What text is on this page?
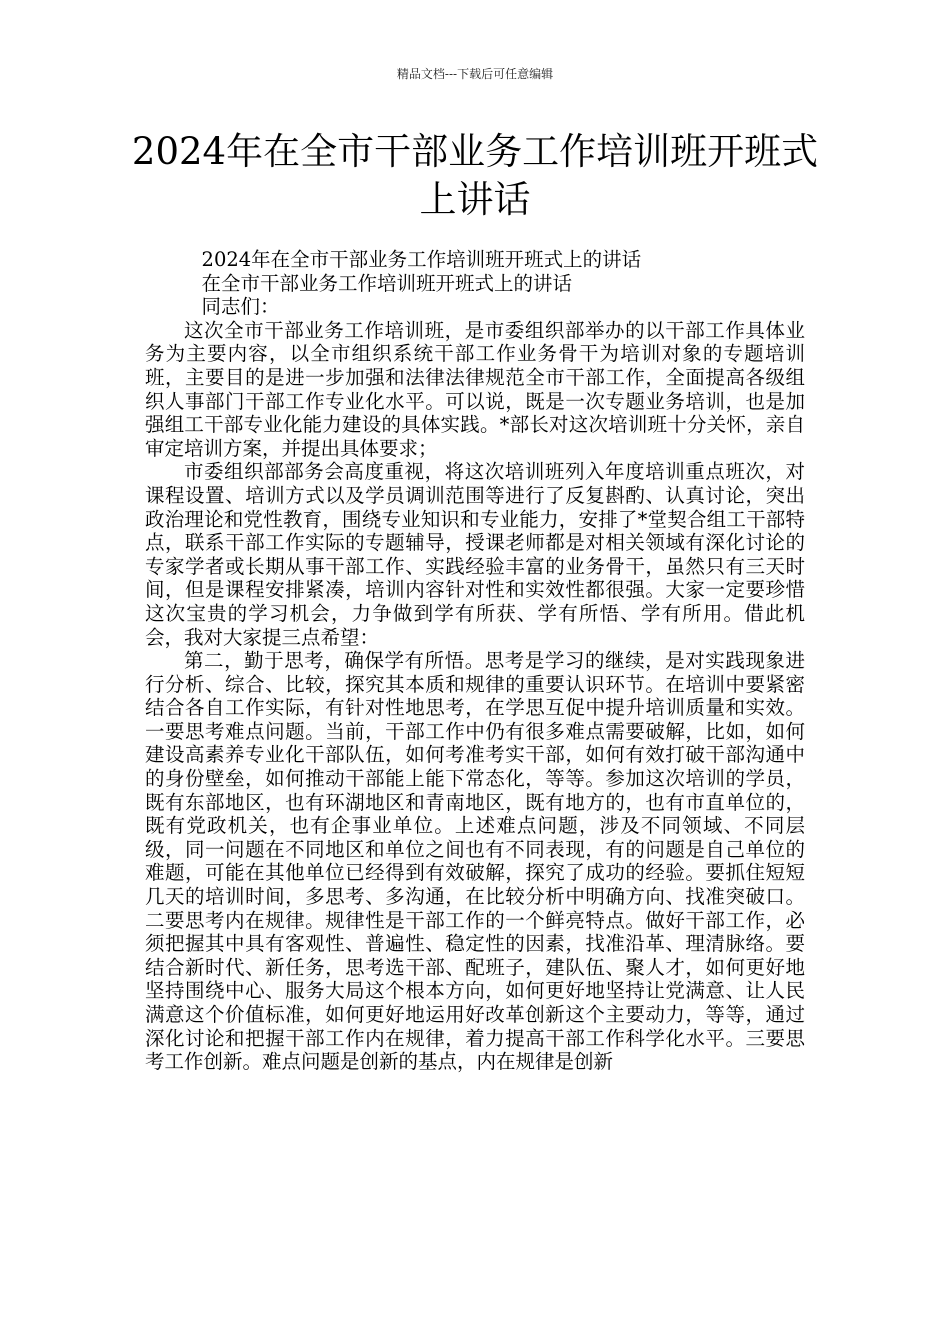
精品文档---下载后可任意编辑
2024年在全市干部业务工作培训班开班式上讲话

2024年在全市干部业务工作培训班开班式上的讲话

在全市干部业务工作培训班开班式上的讲话

同志们：

这次全市干部业务工作培训班，是市委组织部举办的以干部工作具体业务为主要内容，以全市组织系统干部工作业务骨干为培训对象的专题培训班，主要目的是进一步加强和法律法律规范全市干部工作，全面提高各级组织人事部门干部工作专业化水平。可以说，既是一次专题业务培训，也是加强组工干部专业化能力建设的具体实践。*部长对这次培训班十分关怀，亲自审定培训方案，并提出具体要求；

市委组织部部务会高度重视，将这次培训班列入年度培训重点班次，对课程设置、培训方式以及学员调训范围等进行了反复斟酌、认真讨论，突出政治理论和党性教育，围绕专业知识和专业能力，安排了*堂契合组工干部特点，联系干部工作实际的专题辅导，授课老师都是对相关领域有深化讨论的专家学者或长期从事干部工作、实践经验丰富的业务骨干，虽然只有三天时间，但是课程安排紧凑，培训内容针对性和实效性都很强。大家一定要珍惜这次宝贵的学习机会，力争做到学有所获、学有所悟、学有所用。借此机会，我对大家提三点希望：

第二，勤于思考，确保学有所悟。思考是学习的继续，是对实践现象进行分析、综合、比较，探究其本质和规律的重要认识环节。在培训中要紧密结合各自工作实际，有针对性地思考，在学思互促中提升培训质量和实效。一要思考难点问题。当前，干部工作中仍有很多难点需要破解，比如，如何建设高素养专业化干部队伍，如何考准考实干部，如何有效打破干部沟通中的身份壁垒，如何推动干部能上能下常态化，等等。参加这次培训的学员，既有东部地区，也有环湖地区和青南地区，既有地方的，也有市直单位的，既有党政机关，也有企事业单位。上述难点问题，涉及不同领域、不同层级，同一问题在不同地区和单位之间也有不同表现，有的问题是自己单位的难题，可能在其他单位已经得到有效破解，探究了成功的经验。要抓住短短几天的培训时间，多思考、多沟通，在比较分析中明确方向、找准突破口。二要思考内在规律。规律性是干部工作的一个鲜亮特点。做好干部工作，必须把握其中具有客观性、普遍性、稳定性的因素，找准沿革、理清脉络。要结合新时代、新任务，思考选干部、配班子，建队伍、聚人才，如何更好地坚持围绕中心、服务大局这个根本方向，如何更好地坚持让党满意、让人民满意这个价值标准，如何更好地运用好改革创新这个主要动力，等等，通过深化讨论和把握干部工作内在规律，着力提高干部工作科学化水平。三要思考工作创新。难点问题是创新的基点，内在规律是创新
